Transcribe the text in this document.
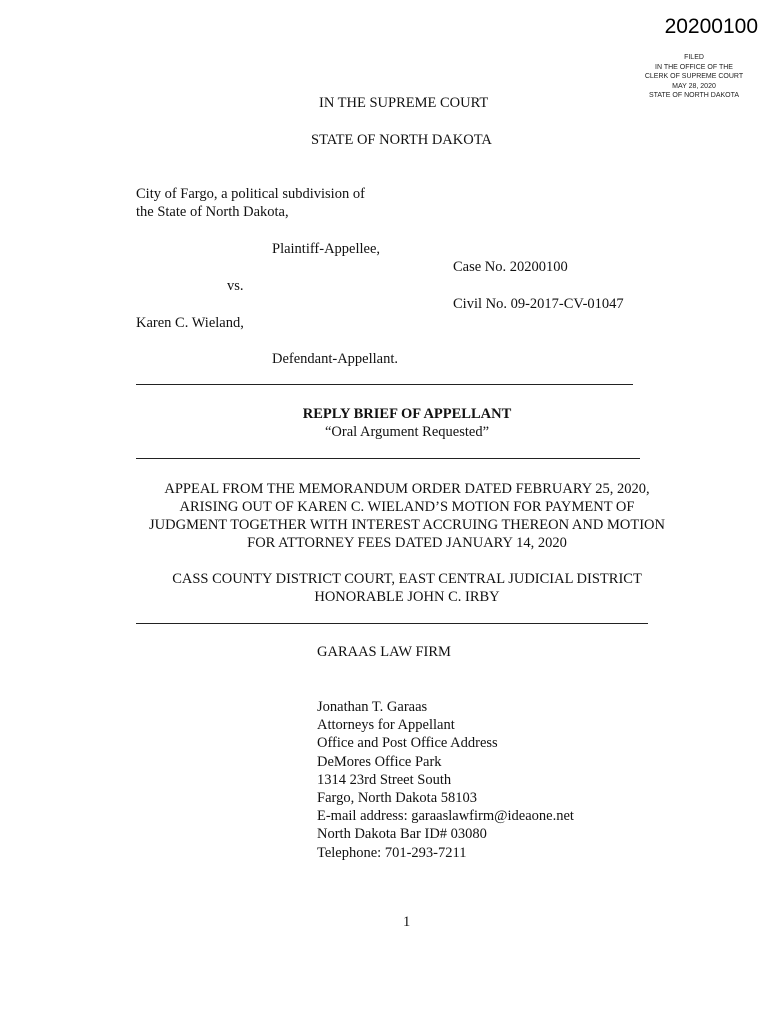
20200100
FILED
IN THE OFFICE OF THE
CLERK OF SUPREME COURT
MAY 28, 2020
STATE OF NORTH DAKOTA
IN THE SUPREME COURT
STATE OF NORTH DAKOTA
City of Fargo, a political subdivision of
the State of North Dakota,
Plaintiff-Appellee,
Case No. 20200100
vs.
Civil No. 09-2017-CV-01047
Karen C. Wieland,
Defendant-Appellant.
REPLY BRIEF OF APPELLANT
“Oral Argument Requested”
APPEAL FROM THE MEMORANDUM ORDER DATED FEBRUARY 25, 2020,
ARISING OUT OF KAREN C. WIELAND’S MOTION FOR PAYMENT OF
JUDGMENT TOGETHER WITH INTEREST ACCRUING THEREON AND MOTION
FOR ATTORNEY FEES DATED JANUARY 14, 2020
CASS COUNTY DISTRICT COURT, EAST CENTRAL JUDICIAL DISTRICT
HONORABLE JOHN C. IRBY
GARAAS LAW FIRM
Jonathan T. Garaas
Attorneys for Appellant
Office and Post Office Address
DeMores Office Park
1314 23rd Street South
Fargo, North Dakota 58103
E-mail address: garaaslawfirm@ideaone.net
North Dakota Bar ID# 03080
Telephone: 701-293-7211
1
